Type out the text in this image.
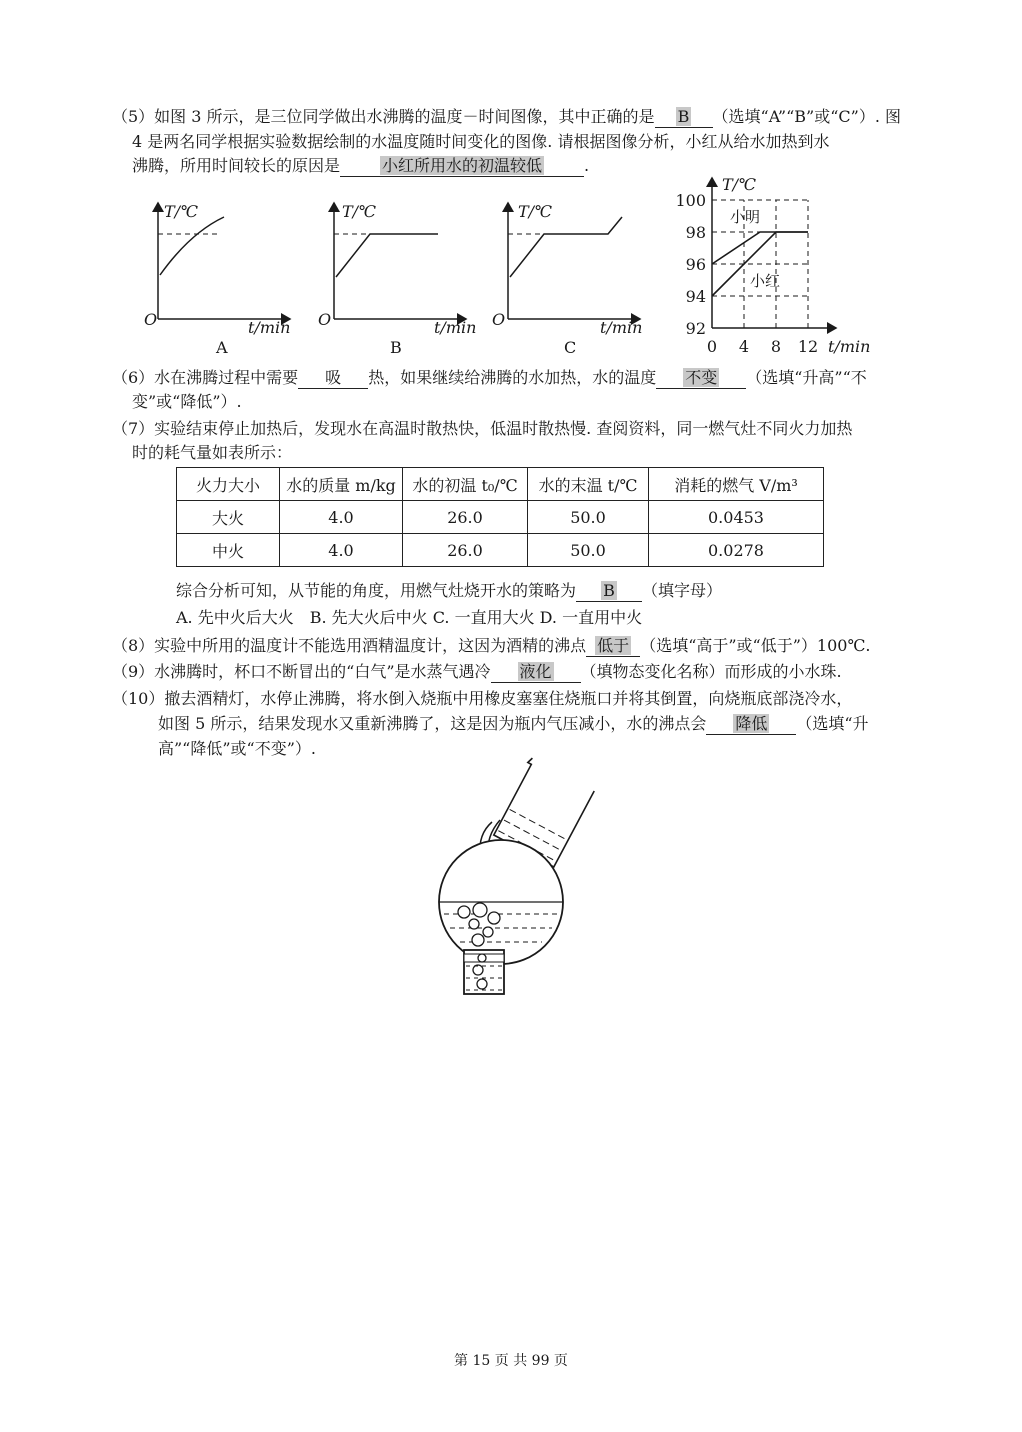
（5）如图 3 所示，是三位同学做出水沸腾的温度－时间图像，其中正确的是 B （选填“A”“B”或“C”）. 图
4 是两名同学根据实验数据绘制的水温度随时间变化的图像. 请根据图像分析，小红从给水加热到水
沸腾，所用时间较长的原因是	小红所用水的初温较低	.
T/℃
O	t/min
A
T/℃
O	t/min
B
T/℃
O	t/min
C
92
94
96
98
100
0 4 8 12
T/℃
t/min
小明
小红
（6）水在沸腾过程中需要 吸 热，如果继续给沸腾的水加热，水的温度 不变 （选填“升高”“不
变”或“降低”）.
（7）实验结束停止加热后，发现水在高温时散热快，低温时散热慢. 查阅资料，同一燃气灶不同火力加热
时的耗气量如表所示：
火力大小	水的质量 m/kg	水的初温 t₀/℃	水的末温 t/℃	消耗的燃气 V/m³
大火	4.0	26.0	50.0	0.0453
中火	4.0	26.0	50.0	0.0278
综合分析可知，从节能的角度，用燃气灶烧开水的策略为 B （填字母）
A. 先中火后大火　B. 先大火后中火 C. 一直用大火 D. 一直用中火
（8）实验中所用的温度计不能选用酒精温度计，这因为酒精的沸点 低于 （选填“高于”或“低于”）100℃.
（9）水沸腾时，杯口不断冒出的“白气”是水蒸气遇冷 液化 （填物态变化名称）而形成的小水珠.
（10）撤去酒精灯，水停止沸腾，将水倒入烧瓶中用橡皮塞塞住烧瓶口并将其倒置，向烧瓶底部浇冷水，
如图 5 所示，结果发现水又重新沸腾了，这是因为瓶内气压减小，水的沸点会 降低 （选填“升
高”“降低”或“不变”）.
第 15 页 共 99 页
